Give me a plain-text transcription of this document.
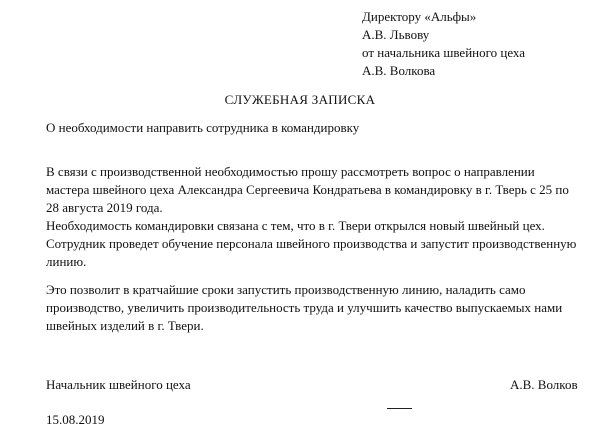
Директору «Альфы»
А.В. Львову
от начальника швейного цеха
А.В. Волкова
СЛУЖЕБНАЯ ЗАПИСКА
О необходимости направить сотрудника в командировку
В связи с производственной необходимостью прошу рассмотреть вопрос о направлении
мастера швейного цеха Александра Сергеевича Кондратьева в командировку в г. Тверь с 25 по
28 августа 2019 года.
Необходимость командировки связана с тем, что в г. Твери открылся новый швейный цех.
Сотрудник проведет обучение персонала швейного производства и запустит производственную
линию.
Это позволит в кратчайшие сроки запустить производственную линию, наладить само
производство, увеличить производительность труда и улучшить качество выпускаемых нами
швейных изделий в г. Твери.
Начальник швейного цеха	А.В. Волков
15.08.2019
